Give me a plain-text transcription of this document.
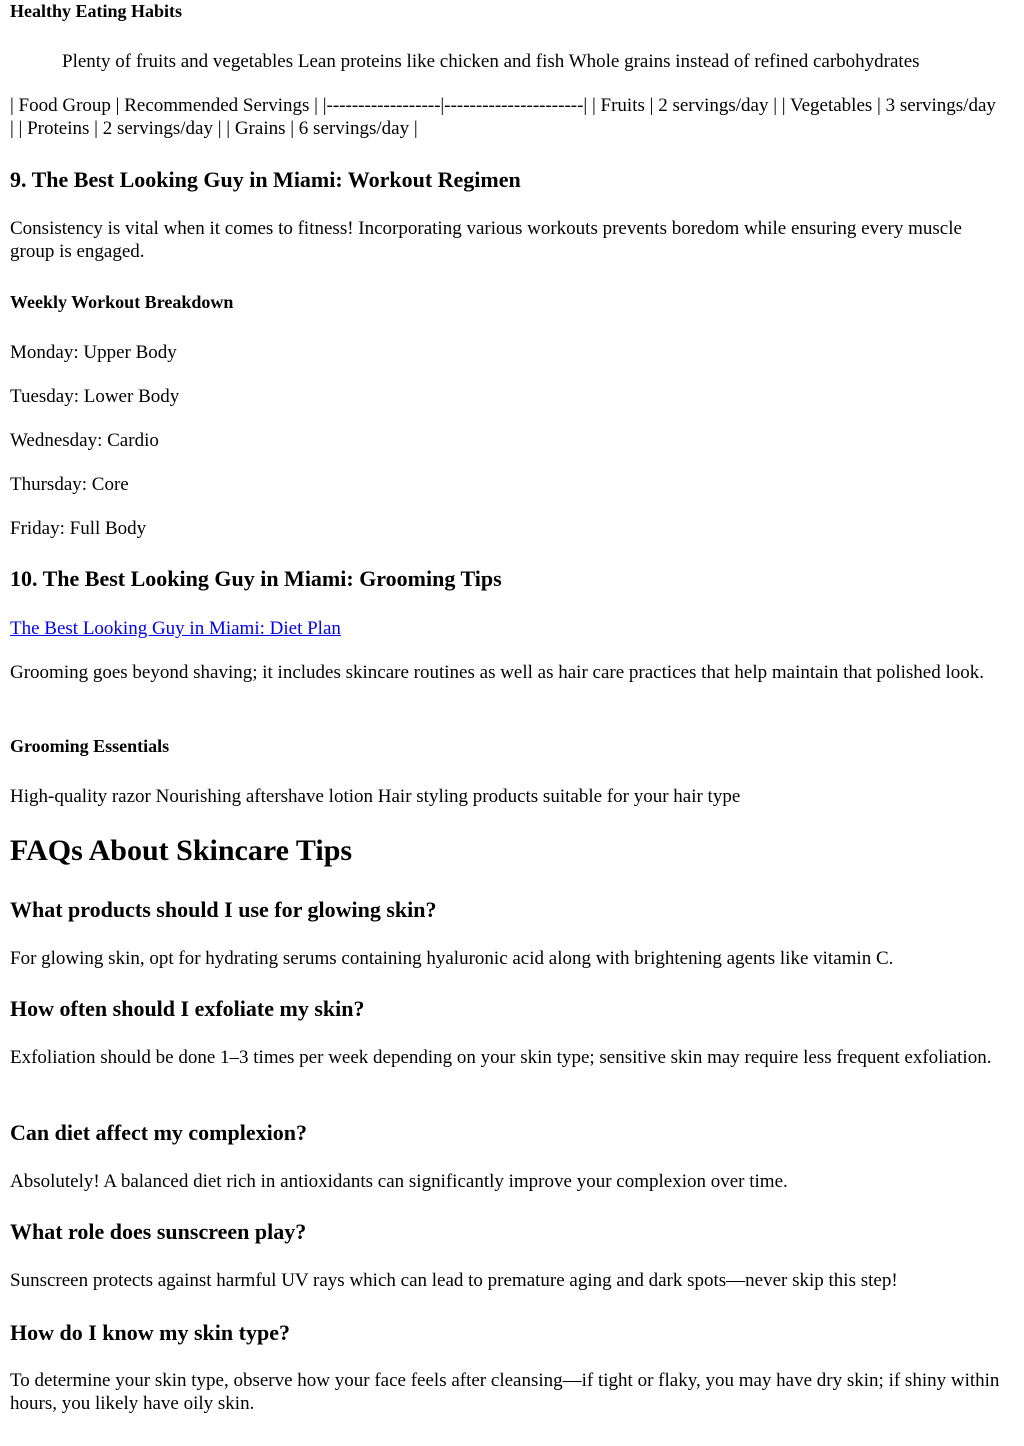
Healthy Eating Habits
Plenty of fruits and vegetables Lean proteins like chicken and fish Whole grains instead of refined carbohydrates
| Food Group | Recommended Servings | |------------------|----------------------| | Fruits | 2 servings/day | | Vegetables | 3 servings/day | | Proteins | 2 servings/day | | Grains | 6 servings/day |
9. The Best Looking Guy in Miami: Workout Regimen
Consistency is vital when it comes to fitness! Incorporating various workouts prevents boredom while ensuring every muscle group is engaged.
Weekly Workout Breakdown
Monday: Upper Body
Tuesday: Lower Body
Wednesday: Cardio
Thursday: Core
Friday: Full Body
10. The Best Looking Guy in Miami: Grooming Tips
The Best Looking Guy in Miami: Diet Plan
Grooming goes beyond shaving; it includes skincare routines as well as hair care practices that help maintain that polished look.
Grooming Essentials
High-quality razor Nourishing aftershave lotion Hair styling products suitable for your hair type
FAQs About Skincare Tips
What products should I use for glowing skin?
For glowing skin, opt for hydrating serums containing hyaluronic acid along with brightening agents like vitamin C.
How often should I exfoliate my skin?
Exfoliation should be done 1–3 times per week depending on your skin type; sensitive skin may require less frequent exfoliation.
Can diet affect my complexion?
Absolutely! A balanced diet rich in antioxidants can significantly improve your complexion over time.
What role does sunscreen play?
Sunscreen protects against harmful UV rays which can lead to premature aging and dark spots—never skip this step!
How do I know my skin type?
To determine your skin type, observe how your face feels after cleansing—if tight or flaky, you may have dry skin; if shiny within hours, you likely have oily skin.
